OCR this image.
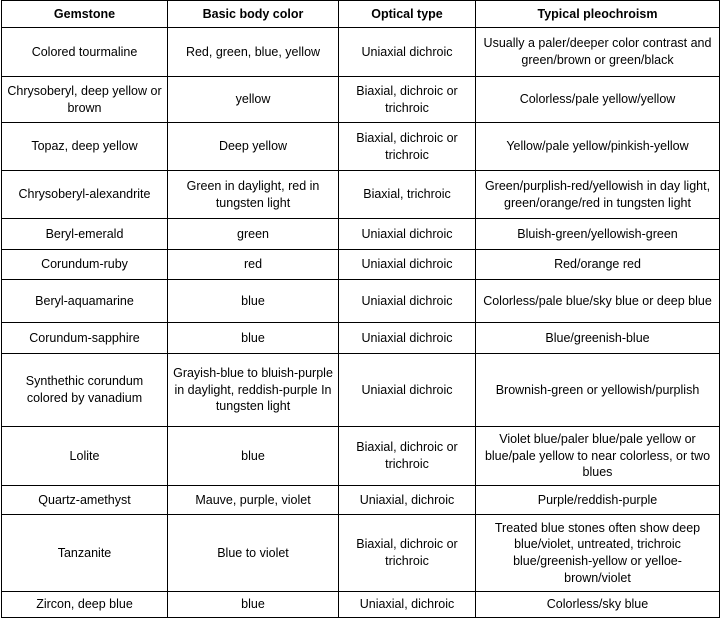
Gemstone	Basic body color	Optical type	Typical pleochroism
Colored tourmaline	Red, green, blue, yellow	Uniaxial dichroic	Usually a paler/deeper color contrast and green/brown or green/black
Chrysoberyl, deep yellow or brown	yellow	Biaxial, dichroic or trichroic	Colorless/pale yellow/yellow
Topaz, deep yellow	Deep yellow	Biaxial, dichroic or trichroic	Yellow/pale yellow/pinkish-yellow
Chrysoberyl-alexandrite	Green in daylight, red in tungsten light	Biaxial, trichroic	Green/purplish-red/yellowish in day light, green/orange/red in tungsten light
Beryl-emerald	green	Uniaxial dichroic	Bluish-green/yellowish-green
Corundum-ruby	red	Uniaxial dichroic	Red/orange red
Beryl-aquamarine	blue	Uniaxial dichroic	Colorless/pale blue/sky blue or deep blue
Corundum-sapphire	blue	Uniaxial dichroic	Blue/greenish-blue
Synthethic corundum colored by vanadium	Grayish-blue to bluish-purple in daylight, reddish-purple In tungsten light	Uniaxial dichroic	Brownish-green or yellowish/purplish
Lolite	blue	Biaxial, dichroic or trichroic	Violet blue/paler blue/pale yellow or blue/pale yellow to near colorless, or two blues
Quartz-amethyst	Mauve, purple, violet	Uniaxial, dichroic	Purple/reddish-purple
Tanzanite	Blue to violet	Biaxial, dichroic or trichroic	Treated blue stones often show deep blue/violet, untreated, trichroic blue/greenish-yellow or yelloe-brown/violet
Zircon, deep blue	blue	Uniaxial, dichroic	Colorless/sky blue
